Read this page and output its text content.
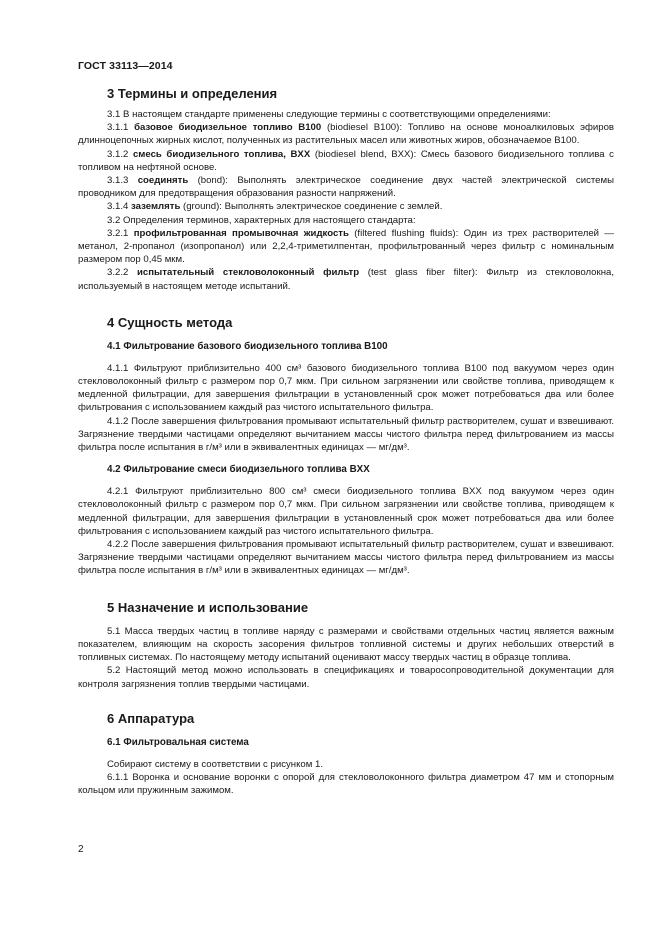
ГОСТ 33113—2014
3 Термины и определения

3.1 В настоящем стандарте применены следующие термины с соответствующими определениями:

3.1.1 базовое биодизельное топливо B100 (biodiesel B100): Топливо на основе моноалкиловых эфиров длинноцепочных жирных кислот, полученных из растительных масел или животных жиров, обозначаемое B100.

3.1.2 смесь биодизельного топлива, BXX (biodiesel blend, BXX): Смесь базового биодизельного топлива с топливом на нефтяной основе.

3.1.3 соединять (bond): Выполнять электрическое соединение двух частей электрической системы проводником для предотвращения образования разности напряжений.

3.1.4 заземлять (ground): Выполнять электрическое соединение с землей.

3.2 Определения терминов, характерных для настоящего стандарта:

3.2.1 профильтрованная промывочная жидкость (filtered flushing fluids): Один из трех растворителей — метанол, 2-пропанол (изопропанол) или 2,2,4-триметилпентан, профильтрованный через фильтр с номинальным размером пор 0,45 мкм.

3.2.2 испытательный стекловолоконный фильтр (test glass fiber filter): Фильтр из стекловолокна, используемый в настоящем методе испытаний.

4 Сущность метода
4.1 Фильтрование базового биодизельного топлива B100

4.1.1 Фильтруют приблизительно 400 см³ базового биодизельного топлива B100 под вакуумом через один стекловолоконный фильтр с размером пор 0,7 мкм. При сильном загрязнении или свойстве топлива, приводящем к медленной фильтрации, для завершения фильтрации в установленный срок может потребоваться два или более фильтрования с использованием каждый раз чистого испытательного фильтра.

4.1.2 После завершения фильтрования промывают испытательный фильтр растворителем, сушат и взвешивают. Загрязнение твердыми частицами определяют вычитанием массы чистого фильтра перед фильтрованием из массы фильтра после испытания в г/м³ или в эквивалентных единицах — мг/дм³.

4.2 Фильтрование смеси биодизельного топлива BXX

4.2.1 Фильтруют приблизительно 800 см³ смеси биодизельного топлива BXX под вакуумом через один стекловолоконный фильтр с размером пор 0,7 мкм. При сильном загрязнении или свойстве топлива, приводящем к медленной фильтрации, для завершения фильтрации в установленный срок может потребоваться два или более фильтрования с использованием каждый раз чистого испытательного фильтра.

4.2.2 После завершения фильтрования промывают испытательный фильтр растворителем, сушат и взвешивают. Загрязнение твердыми частицами определяют вычитанием массы чистого фильтра перед фильтрованием из массы фильтра после испытания в г/м³ или в эквивалентных единицах — мг/дм³.

5 Назначение и использование

5.1 Масса твердых частиц в топливе наряду с размерами и свойствами отдельных частиц является важным показателем, влияющим на скорость засорения фильтров топливной системы и других небольших отверстий в топливных системах. По настоящему методу испытаний оценивают массу твердых частиц в образце топлива.

5.2 Настоящий метод можно использовать в спецификациях и товаросопроводительной документации для контроля загрязнения топлив твердыми частицами.

6 Аппаратура
6.1 Фильтровальная система

Собирают систему в соответствии с рисунком 1.

6.1.1 Воронка и основание воронки с опорой для стекловолоконного фильтра диаметром 47 мм и стопорным кольцом или пружинным зажимом.

2
